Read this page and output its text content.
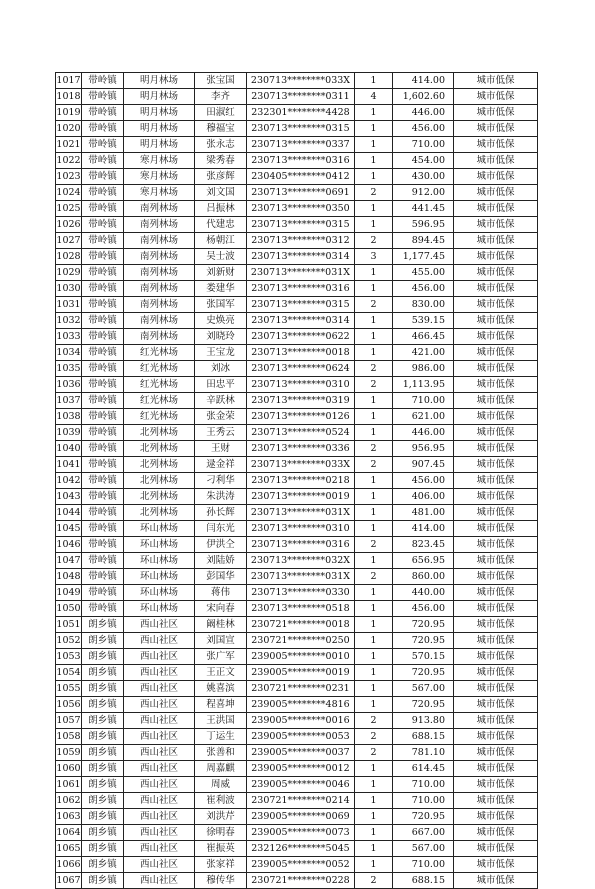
1017	带岭镇	明月林场	张宝国	230713********033X	1	414.00	城市低保
1018	带岭镇	明月林场	李齐	230713********0311	4	1,602.60	城市低保
1019	带岭镇	明月林场	田淑红	232301********4428	1	446.00	城市低保
1020	带岭镇	明月林场	穆福宝	230713********0315	1	456.00	城市低保
1021	带岭镇	明月林场	张永志	230713********0337	1	710.00	城市低保
1022	带岭镇	寒月林场	梁秀春	230713********0316	1	454.00	城市低保
1023	带岭镇	寒月林场	张彦辉	230405********0412	1	430.00	城市低保
1024	带岭镇	寒月林场	刘文国	230713********0691	2	912.00	城市低保
1025	带岭镇	南列林场	吕振林	230713********0350	1	441.45	城市低保
1026	带岭镇	南列林场	代建忠	230713********0315	1	596.95	城市低保
1027	带岭镇	南列林场	杨朝江	230713********0312	2	894.45	城市低保
1028	带岭镇	南列林场	吴士波	230713********0314	3	1,177.45	城市低保
1029	带岭镇	南列林场	刘新财	230713********031X	1	455.00	城市低保
1030	带岭镇	南列林场	娄建华	230713********0316	1	456.00	城市低保
1031	带岭镇	南列林场	张国军	230713********0315	2	830.00	城市低保
1032	带岭镇	南列林场	史焕亮	230713********0314	1	539.15	城市低保
1033	带岭镇	南列林场	刘晓玲	230713********0622	1	466.45	城市低保
1034	带岭镇	红光林场	王宝龙	230713********0018	1	421.00	城市低保
1035	带岭镇	红光林场	刘冰	230713********0624	2	986.00	城市低保
1036	带岭镇	红光林场	田忠平	230713********0310	2	1,113.95	城市低保
1037	带岭镇	红光林场	辛跃林	230713********0319	1	710.00	城市低保
1038	带岭镇	红光林场	张金荣	230713********0126	1	621.00	城市低保
1039	带岭镇	北列林场	王秀云	230713********0524	1	446.00	城市低保
1040	带岭镇	北列林场	王财	230713********0336	2	956.95	城市低保
1041	带岭镇	北列林场	逯金祥	230713********033X	2	907.45	城市低保
1042	带岭镇	北列林场	刁利华	230713********0218	1	456.00	城市低保
1043	带岭镇	北列林场	朱洪涛	230713********0019	1	406.00	城市低保
1044	带岭镇	北列林场	孙长辉	230713********031X	1	481.00	城市低保
1045	带岭镇	环山林场	闫东光	230713********0310	1	414.00	城市低保
1046	带岭镇	环山林场	伊洪仝	230713********0316	2	823.45	城市低保
1047	带岭镇	环山林场	刘陆娇	230713********032X	1	656.95	城市低保
1048	带岭镇	环山林场	彭国华	230713********031X	2	860.00	城市低保
1049	带岭镇	环山林场	蒋伟	230713********0330	1	440.00	城市低保
1050	带岭镇	环山林场	宋向春	230713********0518	1	456.00	城市低保
1051	朗乡镇	西山社区	阚桂林	230721********0018	1	720.95	城市低保
1052	朗乡镇	西山社区	刘国宣	230721********0250	1	720.95	城市低保
1053	朗乡镇	西山社区	张广军	239005********0010	1	570.15	城市低保
1054	朗乡镇	西山社区	王正文	239005********0019	1	720.95	城市低保
1055	朗乡镇	西山社区	姚喜滨	230721********0231	1	567.00	城市低保
1056	朗乡镇	西山社区	程喜坤	239005********4816	1	720.95	城市低保
1057	朗乡镇	西山社区	王洪国	239005********0016	2	913.80	城市低保
1058	朗乡镇	西山社区	丁运生	239005********0053	2	688.15	城市低保
1059	朗乡镇	西山社区	张善和	239005********0037	2	781.10	城市低保
1060	朗乡镇	西山社区	周嘉麒	239005********0012	1	614.45	城市低保
1061	朗乡镇	西山社区	周威	239005********0046	1	710.00	城市低保
1062	朗乡镇	西山社区	崔利波	230721********0214	1	710.00	城市低保
1063	朗乡镇	西山社区	刘洪芹	239005********0069	1	720.95	城市低保
1064	朗乡镇	西山社区	徐明春	239005********0073	1	667.00	城市低保
1065	朗乡镇	西山社区	崔振英	232126********5045	1	567.00	城市低保
1066	朗乡镇	西山社区	张家祥	239005********0052	1	710.00	城市低保
1067	朗乡镇	西山社区	穆传华	230721********0228	2	688.15	城市低保
